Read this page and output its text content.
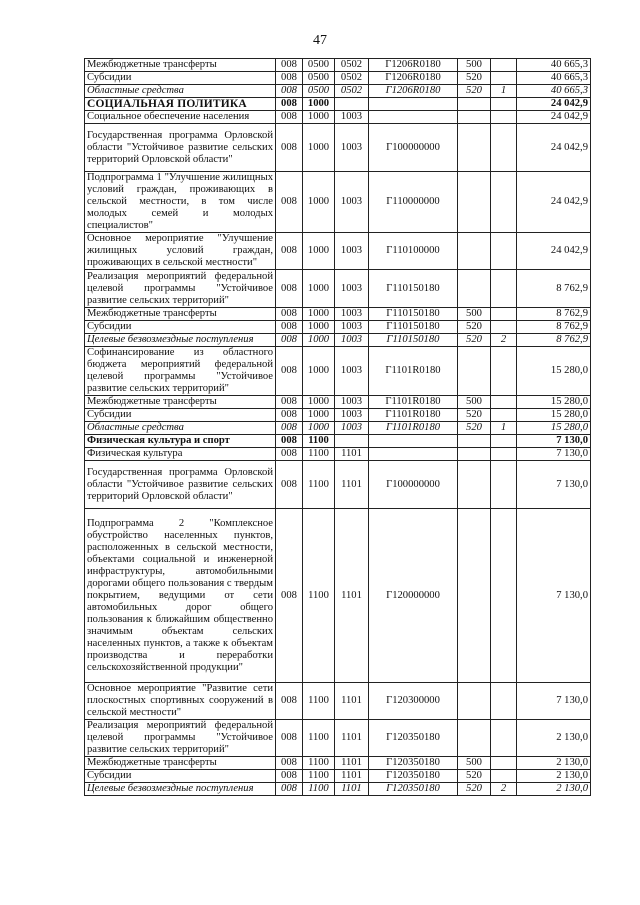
47
Межбюджетные трансферты	008	0500	0502	Г1206R0180	500		40 665,3
Субсидии	008	0500	0502	Г1206R0180	520		40 665,3
Областные средства	008	0500	0502	Г1206R0180	520	1	40 665,3
СОЦИАЛЬНАЯ ПОЛИТИКА	008	1000					24 042,9
Социальное обеспечение населения	008	1000	1003				24 042,9
Государственная программа Орловской области "Устойчивое развитие сельских территорий Орловской области"	008	1000	1003	Г100000000			24 042,9
Подпрограмма 1 "Улучшение жилищных условий граждан, проживающих в сельской местности, в том числе молодых семей и молодых специалистов"	008	1000	1003	Г110000000			24 042,9
Основное мероприятие "Улучшение жилищных условий граждан, проживающих в сельской местности"	008	1000	1003	Г110100000			24 042,9
Реализация мероприятий федеральной целевой программы "Устойчивое развитие сельских территорий"	008	1000	1003	Г110150180			8 762,9
Межбюджетные трансферты	008	1000	1003	Г110150180	500		8 762,9
Субсидии	008	1000	1003	Г110150180	520		8 762,9
Целевые безвозмездные поступления	008	1000	1003	Г110150180	520	2	8 762,9
Софинансирование из областного бюджета мероприятий федеральной целевой программы "Устойчивое развитие сельских территорий"	008	1000	1003	Г1101R0180			15 280,0
Межбюджетные трансферты	008	1000	1003	Г1101R0180	500		15 280,0
Субсидии	008	1000	1003	Г1101R0180	520		15 280,0
Областные средства	008	1000	1003	Г1101R0180	520	1	15 280,0
Физическая культура и спорт	008	1100					7 130,0
Физическая культура	008	1100	1101				7 130,0
Государственная программа Орловской области "Устойчивое развитие сельских территорий Орловской области"	008	1100	1101	Г100000000			7 130,0
Подпрограмма 2 "Комплексное обустройство населенных пунктов, расположенных в сельской местности, объектами социальной и инженерной инфраструктуры, автомобильными дорогами общего пользования с твердым покрытием, ведущими от сети автомобильных дорог общего пользования к ближайшим общественно значимым объектам сельских населенных пунктов, а также к объектам производства и переработки сельскохозяйственной продукции"	008	1100	1101	Г120000000			7 130,0
Основное мероприятие "Развитие сети плоскостных спортивных сооружений в сельской местности"	008	1100	1101	Г120300000			7 130,0
Реализация мероприятий федеральной целевой программы "Устойчивое развитие сельских территорий"	008	1100	1101	Г120350180			2 130,0
Межбюджетные трансферты	008	1100	1101	Г120350180	500		2 130,0
Субсидии	008	1100	1101	Г120350180	520		2 130,0
Целевые безвозмездные поступления	008	1100	1101	Г120350180	520	2	2 130,0
